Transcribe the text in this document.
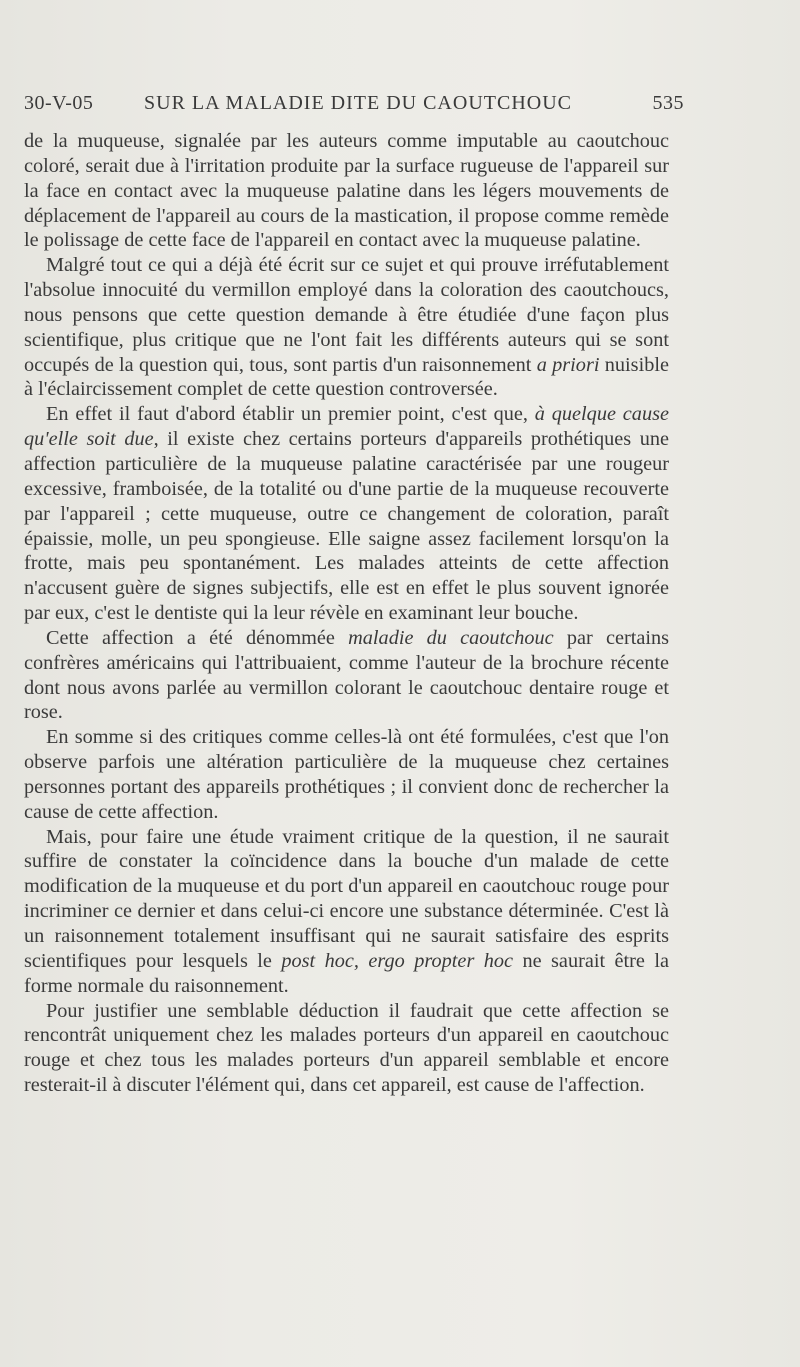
30-V-05	SUR LA MALADIE DITE DU CAOUTCHOUC	535

de la muqueuse, signalée par les auteurs comme imputable au caoutchouc coloré, serait due à l'irritation produite par la surface rugueuse de l'appareil sur la face en contact avec la muqueuse palatine dans les légers mouvements de déplacement de l'appareil au cours de la mastication, il propose comme remède le polissage de cette face de l'appareil en contact avec la muqueuse palatine.

Malgré tout ce qui a déjà été écrit sur ce sujet et qui prouve irréfutablement l'absolue innocuité du vermillon employé dans la coloration des caoutchoucs, nous pensons que cette question demande à être étudiée d'une façon plus scientifique, plus critique que ne l'ont fait les différents auteurs qui se sont occupés de la question qui, tous, sont partis d'un raisonnement a priori nuisible à l'éclaircissement complet de cette question controversée.

En effet il faut d'abord établir un premier point, c'est que, à quelque cause qu'elle soit due, il existe chez certains porteurs d'appareils prothétiques une affection particulière de la muqueuse palatine caractérisée par une rougeur excessive, framboisée, de la totalité ou d'une partie de la muqueuse recouverte par l'appareil ; cette muqueuse, outre ce changement de coloration, paraît épaissie, molle, un peu spongieuse. Elle saigne assez facilement lorsqu'on la frotte, mais peu spontanément. Les malades atteints de cette affection n'accusent guère de signes subjectifs, elle est en effet le plus souvent ignorée par eux, c'est le dentiste qui la leur révèle en examinant leur bouche.

Cette affection a été dénommée maladie du caoutchouc par certains confrères américains qui l'attribuaient, comme l'auteur de la brochure récente dont nous avons parlée au vermillon colorant le caoutchouc dentaire rouge et rose.

En somme si des critiques comme celles-là ont été formulées, c'est que l'on observe parfois une altération particulière de la muqueuse chez certaines personnes portant des appareils prothétiques ; il convient donc de rechercher la cause de cette affection.

Mais, pour faire une étude vraiment critique de la question, il ne saurait suffire de constater la coïncidence dans la bouche d'un malade de cette modification de la muqueuse et du port d'un appareil en caoutchouc rouge pour incriminer ce dernier et dans celui-ci encore une substance déterminée. C'est là un raisonnement totalement insuffisant qui ne saurait satisfaire des esprits scientifiques pour lesquels le post hoc, ergo propter hoc ne saurait être la forme normale du raisonnement.

Pour justifier une semblable déduction il faudrait que cette affection se rencontrât uniquement chez les malades porteurs d'un appareil en caoutchouc rouge et chez tous les malades porteurs d'un appareil semblable et encore resterait-il à discuter l'élément qui, dans cet appareil, est cause de l'affection.
